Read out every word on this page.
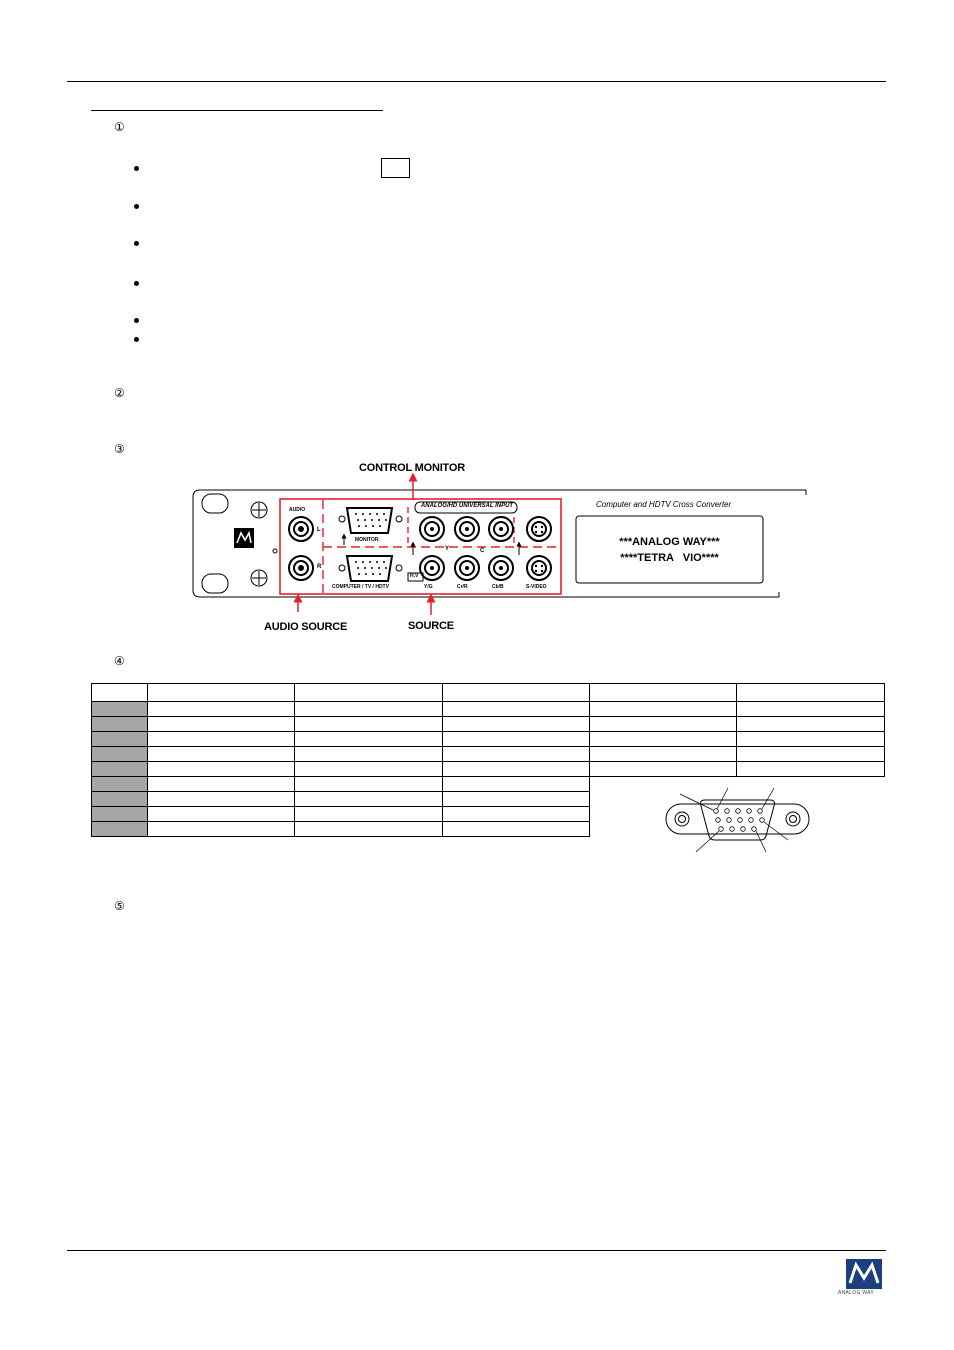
①
②
③
④
⑤
CONTROL MONITOR
AUDIO SOURCE	SOURCE
ANALOG/HD UNIVERSAL INPUT	Computer and HDTV Cross Converter
***ANALOG WAY***
****TETRA   VIO****
AUDIO
L
R
MONITOR
COMPUTER / TV / HDTV
H,V
Y	C
Y/G	Cr/R	Cb/B	S-VIDEO

ANALOG WAY
